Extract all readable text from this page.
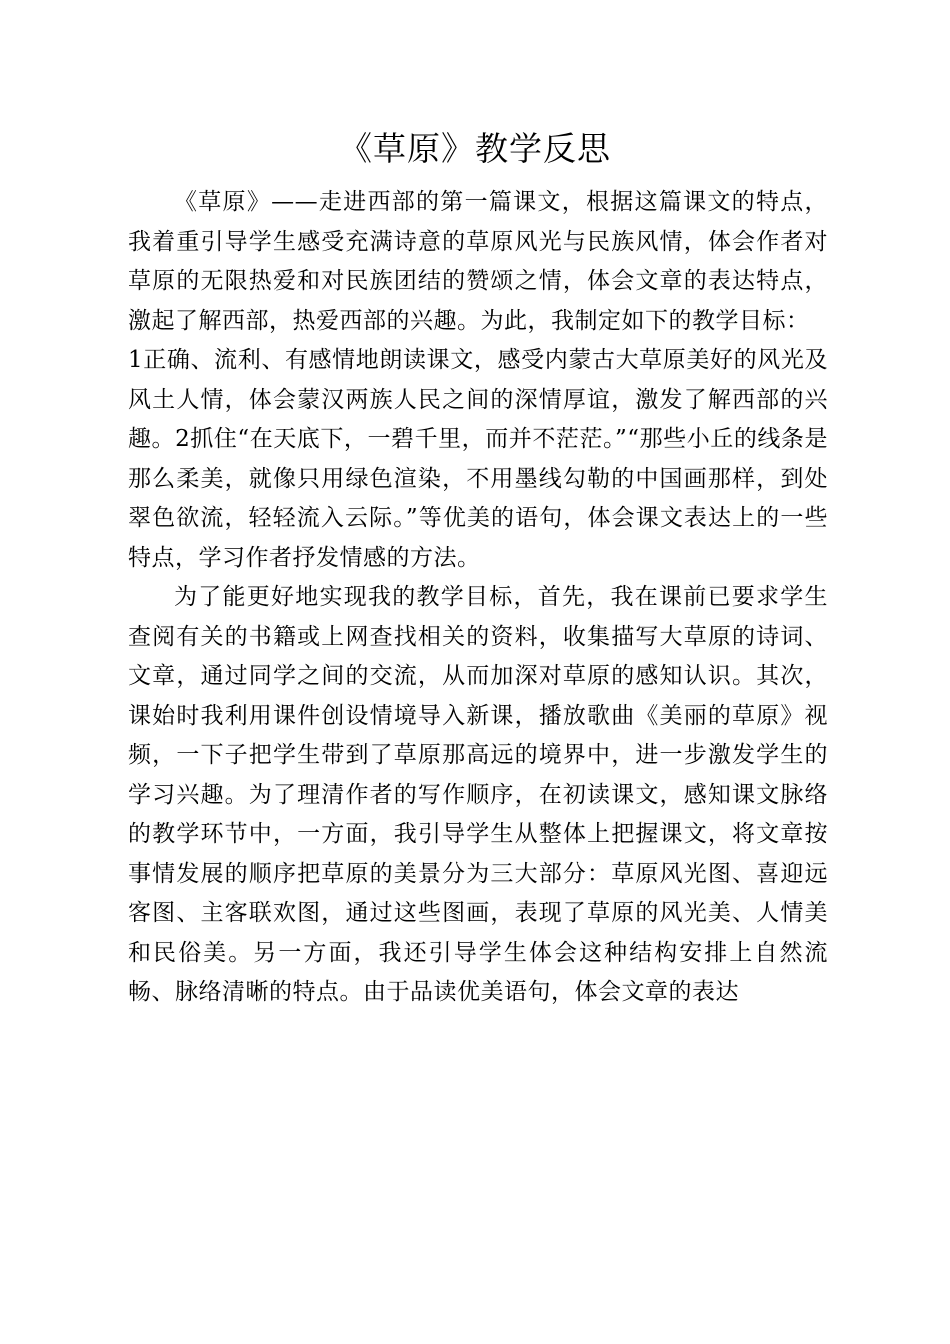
《草原》教学反思

《草原》——走进西部的第一篇课文，根据这篇课文的特点，我着重引导学生感受充满诗意的草原风光与民族风情，体会作者对草原的无限热爱和对民族团结的赞颂之情，体会文章的表达特点，激起了解西部，热爱西部的兴趣。为此，我制定如下的教学目标：

1正确、流利、有感情地朗读课文，感受内蒙古大草原美好的风光及风土人情，体会蒙汉两族人民之间的深情厚谊，激发了解西部的兴趣。2抓住“在天底下，一碧千里，而并不茫茫。”“那些小丘的线条是那么柔美，就像只用绿色渲染，不用墨线勾勒的中国画那样，到处翠色欲流，轻轻流入云际。”等优美的语句，体会课文表达上的一些特点，学习作者抒发情感的方法。

为了能更好地实现我的教学目标，首先，我在课前已要求学生查阅有关的书籍或上网查找相关的资料，收集描写大草原的诗词、文章，通过同学之间的交流，从而加深对草原的感知认识。其次，课始时我利用课件创设情境导入新课，播放歌曲《美丽的草原》视频，一下子把学生带到了草原那高远的境界中，进一步激发学生的学习兴趣。为了理清作者的写作顺序，在初读课文，感知课文脉络的教学环节中，一方面，我引导学生从整体上把握课文，将文章按事情发展的顺序把草原的美景分为三大部分：草原风光图、喜迎远客图、主客联欢图，通过这些图画，表现了草原的风光美、人情美和民俗美。另一方面，我还引导学生体会这种结构安排上自然流畅、脉络清晰的特点。由于品读优美语句，体会文章的表达
